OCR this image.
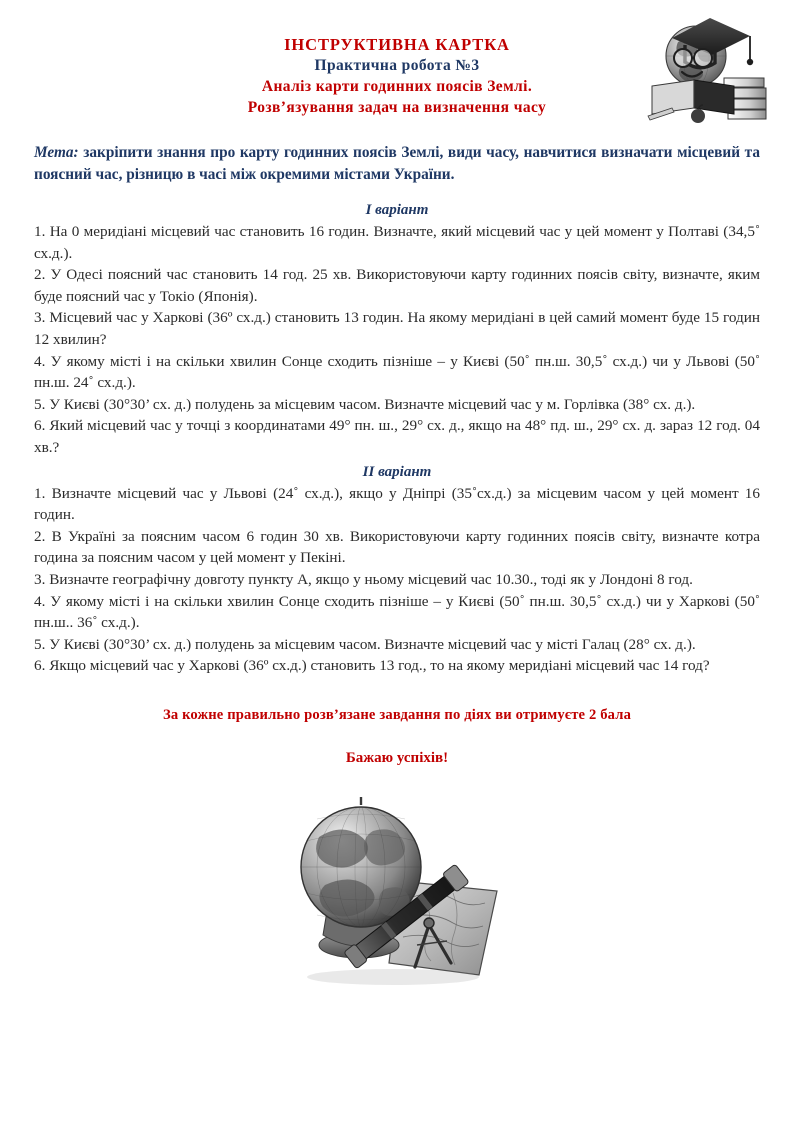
ІНСТРУКТИВНА КАРТКА
Практична робота №3
Аналіз карти годинних поясів Землі.
Розв’язування задач на визначення часу
Мета: закріпити знання про карту годинних поясів Землі, види часу, навчитися визначати місцевий та поясний час, різницю в часі між окремими містами України.
І варіант

1. На 0 меридіані місцевий час становить 16 годин. Визначте, який місцевий час у цей момент у Полтаві (34,5˚ сх.д.).

2. У Одесі поясний час становить 14 год. 25 хв. Використовуючи карту годинних поясів світу, визначте, яким буде поясний час у Токіо (Японія).

3. Місцевий час у Харкові (36º сх.д.) становить 13 годин. На якому меридіані в цей самий момент буде 15 годин 12 хвилин?

4. У якому місті і на скільки хвилин Сонце сходить пізніше – у Києві (50˚ пн.ш. 30,5˚ сх.д.) чи у Львові (50˚ пн.ш. 24˚ сх.д.).

5. У Києві (30°30’ сх. д.) полудень за місцевим часом. Визначте місцевий час у м. Горлівка (38° сх. д.).

6. Який місцевий час у точці з координатами 49° пн. ш., 29° сх. д., якщо на 48° пд. ш., 29° сх. д. зараз 12 год. 04 хв.?

ІІ варіант

1. Визначте місцевий час у Львові (24˚ сх.д.), якщо у Дніпрі (35˚сх.д.) за місцевим часом у цей момент 16 годин.

2. В Україні за поясним часом 6 годин 30 хв. Використовуючи карту годинних поясів світу, визначте котра година за поясним часом у цей момент у Пекіні.

3. Визначте географічну довготу пункту А, якщо у ньому місцевий час 10.30., тоді як у Лондоні 8 год.

4. У якому місті і на скільки хвилин Сонце сходить пізніше – у Києві (50˚ пн.ш. 30,5˚ сх.д.) чи у Харкові (50˚ пн.ш.. 36˚ сх.д.).

5. У Києві (30°30’ сх. д.) полудень за місцевим часом. Визначте місцевий час у місті Галац (28° сх. д.).

6. Якщо місцевий час у Харкові (36º сх.д.) становить 13 год., то на якому меридіані місцевий час 14 год?

За кожне правильно розв’язане завдання по діях ви отримуєте 2 бала
Бажаю успіхів!
